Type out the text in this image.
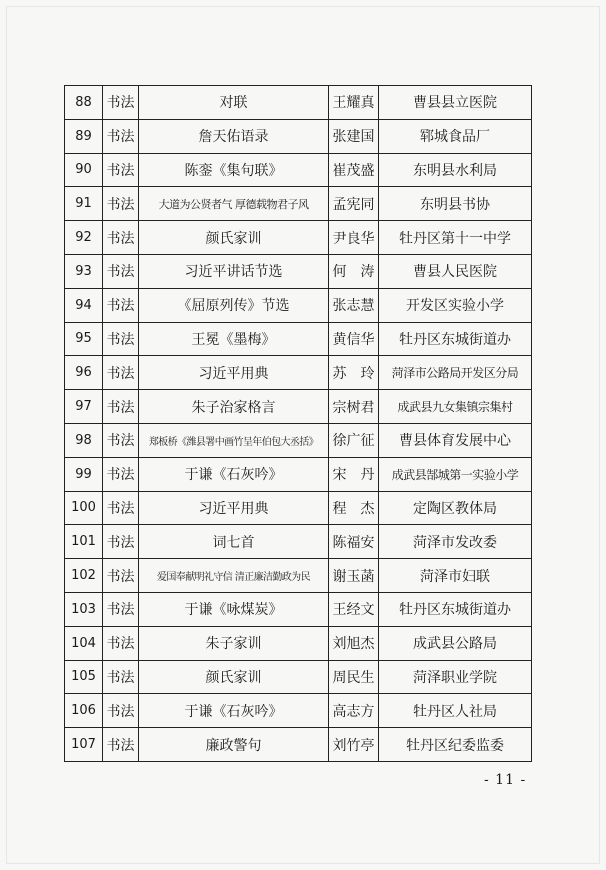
88	书法	对联	王耀真	曹县县立医院
89	书法	詹天佑语录	张建国	郓城食品厂
90	书法	陈銮《集句联》	崔茂盛	东明县水利局
91	书法	大道为公贤者气 厚德载物君子风	孟宪同	东明县书协
92	书法	颜氏家训	尹良华	牡丹区第十一中学
93	书法	习近平讲话节选	何　涛	曹县人民医院
94	书法	《屈原列传》节选	张志慧	开发区实验小学
95	书法	王冕《墨梅》	黄信华	牡丹区东城街道办
96	书法	习近平用典	苏　玲	菏泽市公路局开发区分局
97	书法	朱子治家格言	宗树君	成武县九女集镇宗集村
98	书法	郑板桥《潍县署中画竹呈年伯包大丞括》	徐广征	曹县体育发展中心
99	书法	于谦《石灰吟》	宋　丹	成武县郜城第一实验小学
100	书法	习近平用典	程　杰	定陶区教体局
101	书法	词七首	陈福安	菏泽市发改委
102	书法	爱国奉献明礼守信 清正廉洁勤政为民	谢玉菡	菏泽市妇联
103	书法	于谦《咏煤炭》	王经文	牡丹区东城街道办
104	书法	朱子家训	刘旭杰	成武县公路局
105	书法	颜氏家训	周民生	菏泽职业学院
106	书法	于谦《石灰吟》	高志方	牡丹区人社局
107	书法	廉政警句	刘竹亭	牡丹区纪委监委
- 11 -
